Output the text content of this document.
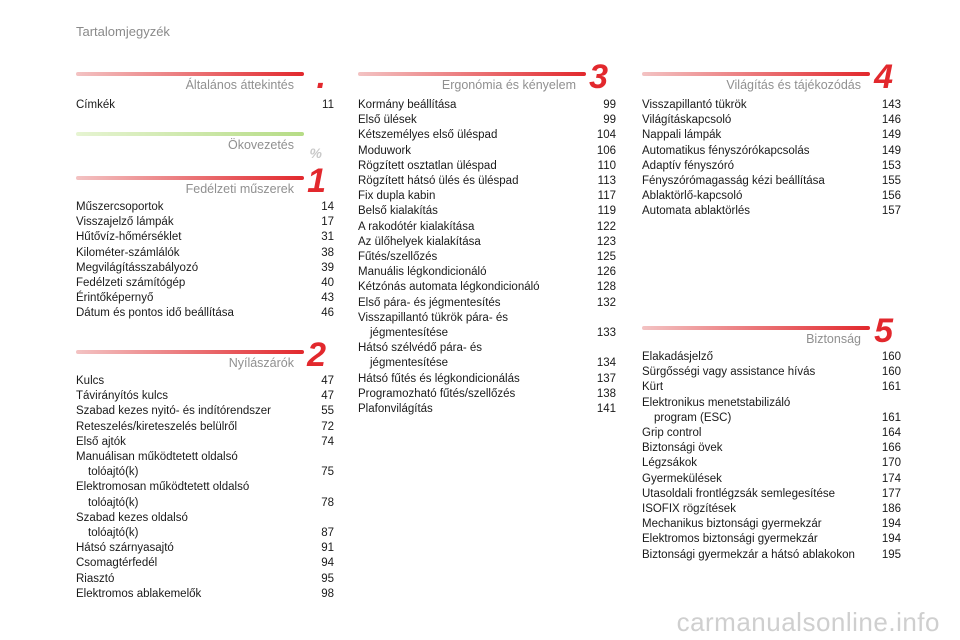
Tartalomjegyzék
Általános áttekintés .
Címkék	11
Ökovezetés %
Fedélzeti műszerek 1
Műszercsoportok	14
Visszajelző lámpák	17
Hűtővíz-hőmérséklet	31
Kilométer-számlálók	38
Megvilágításszabályozó	39
Fedélzeti számítógép	40
Érintőképernyő	43
Dátum és pontos idő beállítása	46
Nyílászárók 2
Kulcs	47
Távirányítós kulcs	47
Szabad kezes nyitó- és indítórendszer	55
Reteszelés/kireteszelés belülről	72
Első ajtók	74
Manuálisan működtetett oldalsó
tolóajtó(k)	75
Elektromosan működtetett oldalsó
tolóajtó(k)	78
Szabad kezes oldalsó
tolóajtó(k)	87
Hátsó szárnyasajtó	91
Csomagtérfedél	94
Riasztó	95
Elektromos ablakemelők	98
Ergonómia és kényelem 3
Kormány beállítása	99
Első ülések	99
Kétszemélyes első üléspad	104
Moduwork	106
Rögzített osztatlan üléspad	110
Rögzített hátsó ülés és üléspad	113
Fix dupla kabin	117
Belső kialakítás	119
A rakodótér kialakítása	122
Az ülőhelyek kialakítása	123
Fűtés/szellőzés	125
Manuális légkondicionáló	126
Kétzónás automata légkondicionáló	128
Első pára- és jégmentesítés	132
Visszapillantó tükrök pára- és
jégmentesítése	133
Hátsó szélvédő pára- és
jégmentesítése	134
Hátsó fűtés és légkondicionálás	137
Programozható fűtés/szellőzés	138
Plafonvilágítás	141
Világítás és tájékozódás 4
Visszapillantó tükrök	143
Világításkapcsoló	146
Nappali lámpák	149
Automatikus fényszórókapcsolás	149
Adaptív fényszóró	153
Fényszórómagasság kézi beállítása	155
Ablaktörlő-kapcsoló	156
Automata ablaktörlés	157
Biztonság 5
Elakadásjelző	160
Sürgősségi vagy assistance hívás	160
Kürt	161
Elektronikus menetstabilizáló
program (ESC)	161
Grip control	164
Biztonsági övek	166
Légzsákok	170
Gyermekülések	174
Utasoldali frontlégzsák semlegesítése	177
ISOFIX rögzítések	186
Mechanikus biztonsági gyermekzár	194
Elektromos biztonsági gyermekzár	194
Biztonsági gyermekzár a hátsó ablakokon	195
carmanualsonline.info
